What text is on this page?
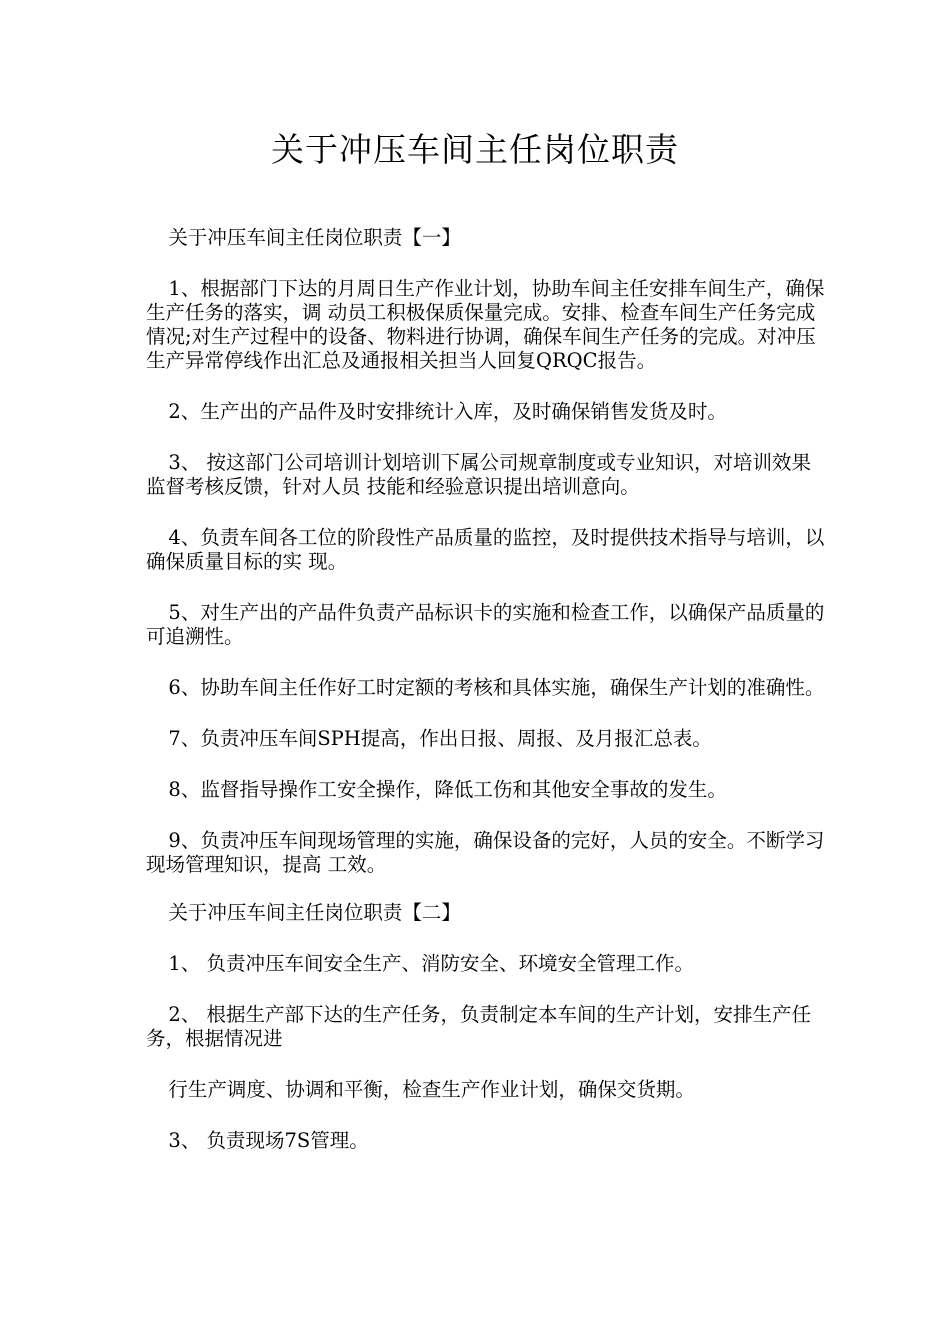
关于冲压车间主任岗位职责

关于冲压车间主任岗位职责【一】

1、根据部门下达的月周日生产作业计划，协助车间主任安排车间生产，确保生产任务的落实，调 动员工积极保质保量完成。安排、检查车间生产任务完成情况;对生产过程中的设备、物料进行协调，确保车间生产任务的完成。对冲压生产异常停线作出汇总及通报相关担当人回复QRQC报告。

2、生产出的产品件及时安排统计入库，及时确保销售发货及时。

3、 按这部门公司培训计划培训下属公司规章制度或专业知识，对培训效果监督考核反馈，针对人员 技能和经验意识提出培训意向。

4、负责车间各工位的阶段性产品质量的监控，及时提供技术指导与培训，以确保质量目标的实 现。

5、对生产出的产品件负责产品标识卡的实施和检查工作，以确保产品质量的可追溯性。

6、协助车间主任作好工时定额的考核和具体实施，确保生产计划的准确性。

7、负责冲压车间SPH提高，作出日报、周报、及月报汇总表。

8、监督指导操作工安全操作，降低工伤和其他安全事故的发生。

9、负责冲压车间现场管理的实施，确保设备的完好，人员的安全。不断学习现场管理知识，提高 工效。

关于冲压车间主任岗位职责【二】

1、 负责冲压车间安全生产、消防安全、环境安全管理工作。

2、 根据生产部下达的生产任务，负责制定本车间的生产计划，安排生产任务，根据情况进

行生产调度、协调和平衡，检查生产作业计划，确保交货期。

3、 负责现场7S管理。
